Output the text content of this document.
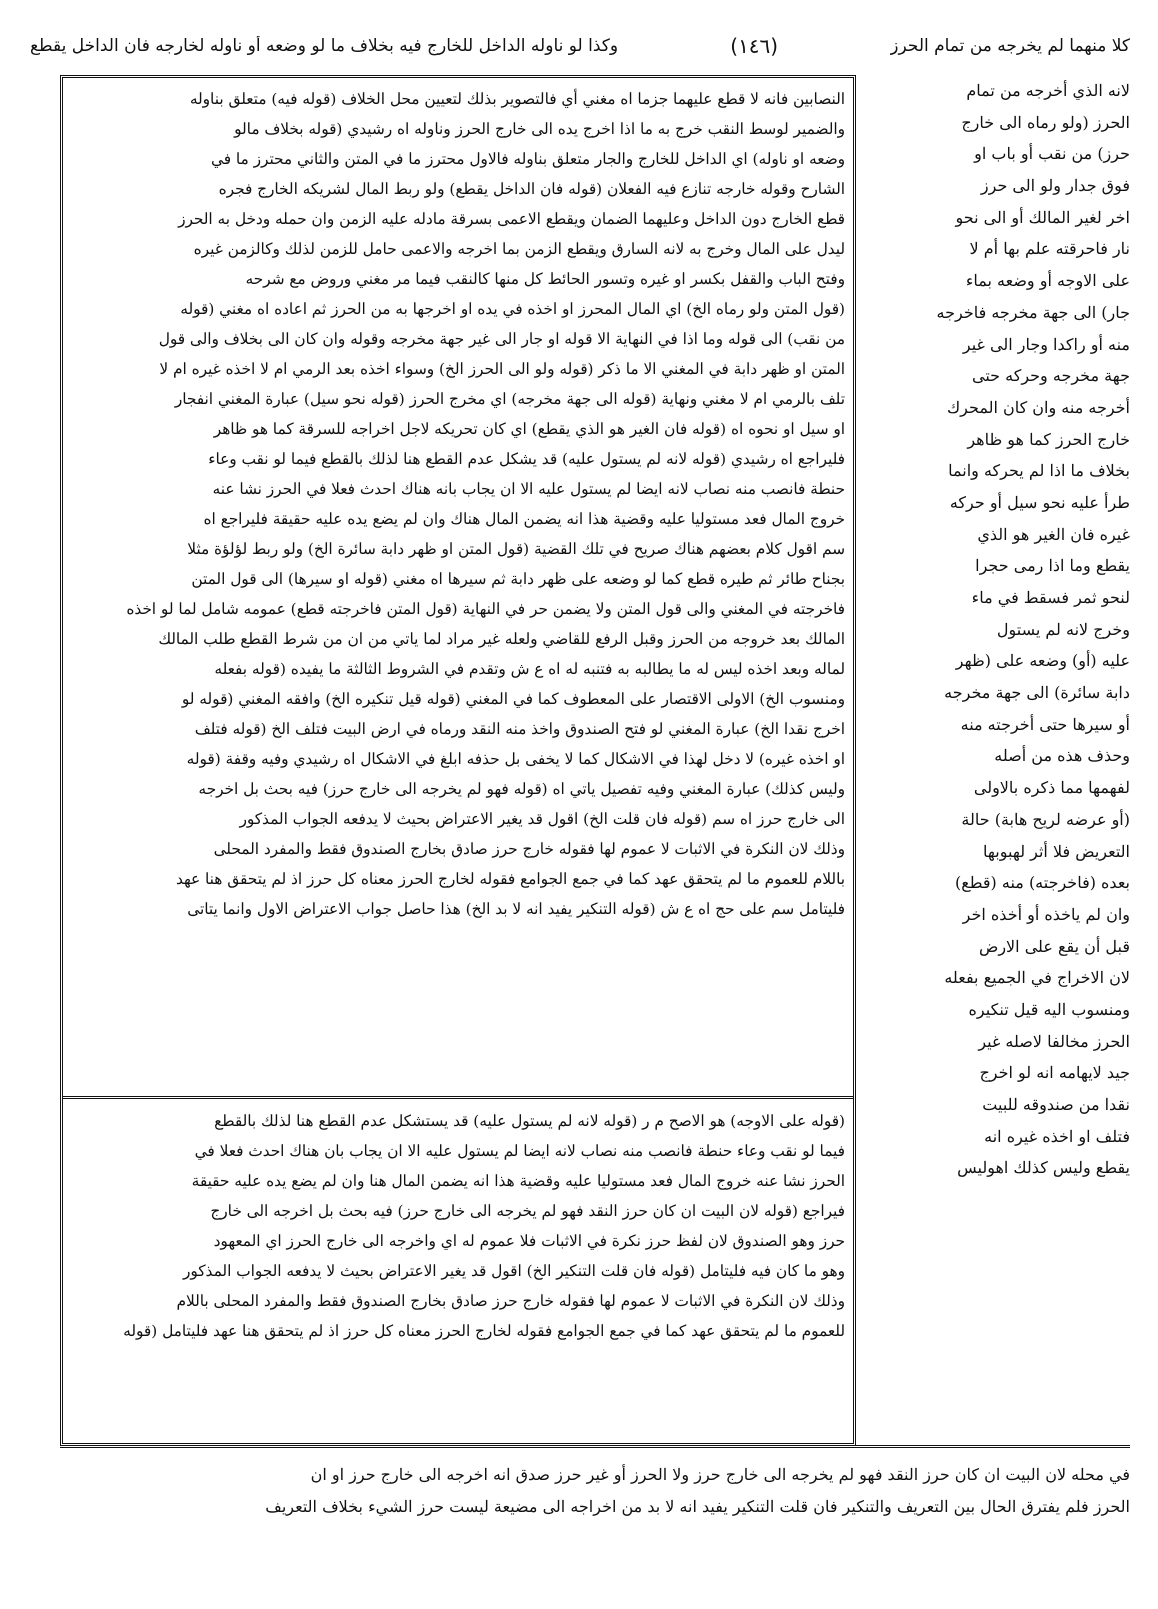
كلا منهما لم يخرجه من تمام الحرز
(١٤٦)
وكذا لو ناوله الداخل للخارج فيه بخلاف ما لو وضعه أو ناوله لخارجه فان الداخل يقطع

النصابين فانه لا قطع عليهما جزما اه مغني أي فالتصوير بذلك لتعيين محل الخلاف (قوله فيه) متعلق بناوله

والضمير لوسط النقب خرج به ما اذا اخرج يده الى خارج الحرز وناوله اه رشيدي (قوله بخلاف مالو

وضعه او ناوله) اي الداخل للخارج والجار متعلق بناوله فالاول محترز ما في المتن والثاني محترز ما في

الشارح وقوله خارجه تنازع فيه الفعلان (قوله فان الداخل يقطع) ولو ربط المال لشريكه الخارج فجره

قطع الخارج دون الداخل وعليهما الضمان ويقطع الاعمى بسرقة مادله عليه الزمن وان حمله ودخل به الحرز

ليدل على المال وخرج به لانه السارق ويقطع الزمن بما اخرجه والاعمى حامل للزمن لذلك وكالزمن غيره

وفتح الباب والقفل بكسر او غيره وتسور الحائط كل منها كالنقب فيما مر مغني وروض مع شرحه

(قول المتن ولو رماه الخ) اي المال المحرز او اخذه في يده او اخرجها به من الحرز ثم اعاده اه مغني (قوله

من نقب) الى قوله وما اذا في النهاية الا قوله او جار الى غير جهة مخرجه وقوله وان كان الى بخلاف والى قول

المتن او ظهر دابة في المغني الا ما ذكر (قوله ولو الى الحرز الخ) وسواء اخذه بعد الرمي ام لا اخذه غيره ام لا

تلف بالرمي ام لا مغني ونهاية (قوله الى جهة مخرجه) اي مخرج الحرز (قوله نحو سيل) عبارة المغني انفجار

او سيل او نحوه اه (قوله فان الغير هو الذي يقطع) اي كان تحريكه لاجل اخراجه للسرقة كما هو ظاهر

فليراجع اه رشيدي (قوله لانه لم يستول عليه) قد يشكل عدم القطع هنا لذلك بالقطع فيما لو نقب وعاء

حنطة فانصب منه نصاب لانه ايضا لم يستول عليه الا ان يجاب بانه هناك احدث فعلا في الحرز نشا عنه

خروج المال فعد مستوليا عليه وقضية هذا انه يضمن المال هناك وان لم يضع يده عليه حقيقة فليراجع اه

سم اقول كلام بعضهم هناك صريح في تلك القضية (قول المتن او ظهر دابة سائرة الخ) ولو ربط لؤلؤة مثلا

بجناح طائر ثم طيره قطع كما لو وضعه على ظهر دابة ثم سيرها اه مغني (قوله او سيرها) الى قول المتن

فاخرجته في المغني والى قول المتن ولا يضمن حر في النهاية (قول المتن فاخرجته قطع) عمومه شامل لما لو اخذه

المالك بعد خروجه من الحرز وقبل الرفع للقاضي ولعله غير مراد لما ياتي من ان من شرط القطع طلب المالك

لماله وبعد اخذه ليس له ما يطالبه به فتنبه له اه ع ش وتقدم في الشروط الثالثة ما يفيده (قوله بفعله

ومنسوب الخ) الاولى الاقتصار على المعطوف كما في المغني (قوله قيل تنكيره الخ) وافقه المغني (قوله لو

اخرج نقدا الخ) عبارة المغني لو فتح الصندوق واخذ منه النقد ورماه في ارض البيت فتلف الخ (قوله فتلف

او اخذه غيره) لا دخل لهذا في الاشكال كما لا يخفى بل حذفه ابلغ في الاشكال اه رشيدي وفيه وقفة (قوله

وليس كذلك) عبارة المغني وفيه تفصيل ياتي اه (قوله فهو لم يخرجه الى خارج حرز) فيه بحث بل اخرجه

الى خارج حرز اه سم (قوله فان قلت الخ) اقول قد يغير الاعتراض بحيث لا يدفعه الجواب المذكور

وذلك لان النكرة في الاثبات لا عموم لها فقوله خارج حرز صادق بخارج الصندوق فقط والمفرد المحلى

باللام للعموم ما لم يتحقق عهد كما في جمع الجوامع فقوله لخارج الحرز معناه كل حرز اذ لم يتحقق هنا عهد

فليتامل سم على حج اه ع ش (قوله التنكير يفيد انه لا بد الخ) هذا حاصل جواب الاعتراض الاول وانما يتاتى

(قوله على الاوجه) هو الاصح م ر (قوله لانه لم يستول عليه) قد يستشكل عدم القطع هنا لذلك بالقطع

فيما لو نقب وعاء حنطة فانصب منه نصاب لانه ايضا لم يستول عليه الا ان يجاب بان هناك احدث فعلا في

الحرز نشا عنه خروج المال فعد مستوليا عليه وقضية هذا انه يضمن المال هنا وان لم يضع يده عليه حقيقة

فيراجع (قوله لان البيت ان كان حرز النقد فهو لم يخرجه الى خارج حرز) فيه بحث بل اخرجه الى خارج

حرز وهو الصندوق لان لفظ حرز نكرة في الاثبات فلا عموم له اي واخرجه الى خارج الحرز اي المعهود

وهو ما كان فيه فليتامل (قوله فان قلت التنكير الخ) اقول قد يغير الاعتراض بحيث لا يدفعه الجواب المذكور

وذلك لان النكرة في الاثبات لا عموم لها فقوله خارج حرز صادق بخارج الصندوق فقط والمفرد المحلى باللام

للعموم ما لم يتحقق عهد كما في جمع الجوامع فقوله لخارج الحرز معناه كل حرز اذ لم يتحقق هنا عهد فليتامل (قوله

لانه الذي أخرجه من تمام

الحرز (ولو رماه الى خارج

حرز) من نقب أو باب او

فوق جدار ولو الى حرز

اخر لغير المالك أو الى نحو

نار فاحرقته علم بها أم لا

على الاوجه أو وضعه بماء

جار) الى جهة مخرجه فاخرجه

منه أو راكدا وجار الى غير

جهة مخرجه وحركه حتى

أخرجه منه وان كان المحرك

خارج الحرز كما هو ظاهر

بخلاف ما اذا لم يحركه وانما

طرأ عليه نحو سيل أو حركه

غيره فان الغير هو الذي

يقطع وما اذا رمى حجرا

لنحو ثمر فسقط في ماء

وخرج لانه لم يستول

عليه (أو) وضعه على (ظهر

دابة سائرة) الى جهة مخرجه

أو سيرها حتى أخرجته منه

وحذف هذه من أصله

لفهمها مما ذكره بالاولى

(أو عرضه لريح هابة) حالة

التعريض فلا أثر لهبوبها

بعده (فاخرجته) منه (قطع)

وان لم ياخذه أو أخذه اخر

قبل أن يقع على الارض

لان الاخراج في الجميع بفعله

ومنسوب اليه قيل تنكيره

الحرز مخالفا لاصله غير

جيد لايهامه انه لو اخرج

نقدا من صندوقه للبيت

فتلف او اخذه غيره انه

يقطع وليس كذلك اهوليس

في محله لان البيت ان كان حرز النقد فهو لم يخرجه الى خارج حرز ولا الحرز أو غير حرز صدق انه اخرجه الى خارج حرز او ان

الحرز فلم يفترق الحال بين التعريف والتنكير فان قلت التنكير يفيد انه لا بد من اخراجه الى مضيعة ليست حرز الشيء بخلاف التعريف
